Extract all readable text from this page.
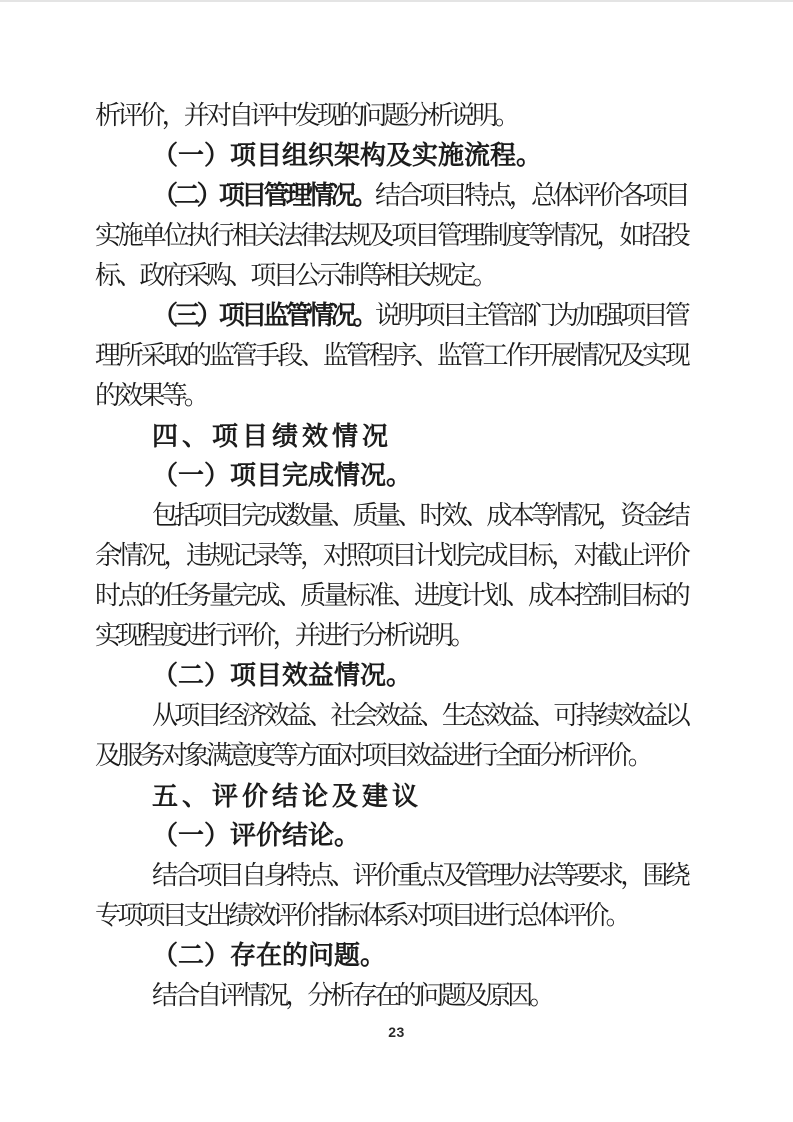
析评价，并对自评中发现的问题分析说明。

（一）项目组织架构及实施流程。

（二）项目管理情况。结合项目特点，总体评价各项目实施单位执行相关法律法规及项目管理制度等情况，如招投标、政府采购、项目公示制等相关规定。

（三）项目监管情况。说明项目主管部门为加强项目管理所采取的监管手段、监管程序、监管工作开展情况及实现的效果等。

四、项目绩效情况

（一）项目完成情况。

包括项目完成数量、质量、时效、成本等情况，资金结余情况，违规记录等，对照项目计划完成目标，对截止评价时点的任务量完成、质量标准、进度计划、成本控制目标的实现程度进行评价，并进行分析说明。

（二）项目效益情况。

从项目经济效益、社会效益、生态效益、可持续效益以及服务对象满意度等方面对项目效益进行全面分析评价。

五、评价结论及建议

（一）评价结论。

结合项目自身特点、评价重点及管理办法等要求，围绕专项项目支出绩效评价指标体系对项目进行总体评价。

（二）存在的问题。

结合自评情况，分析存在的问题及原因。

23
